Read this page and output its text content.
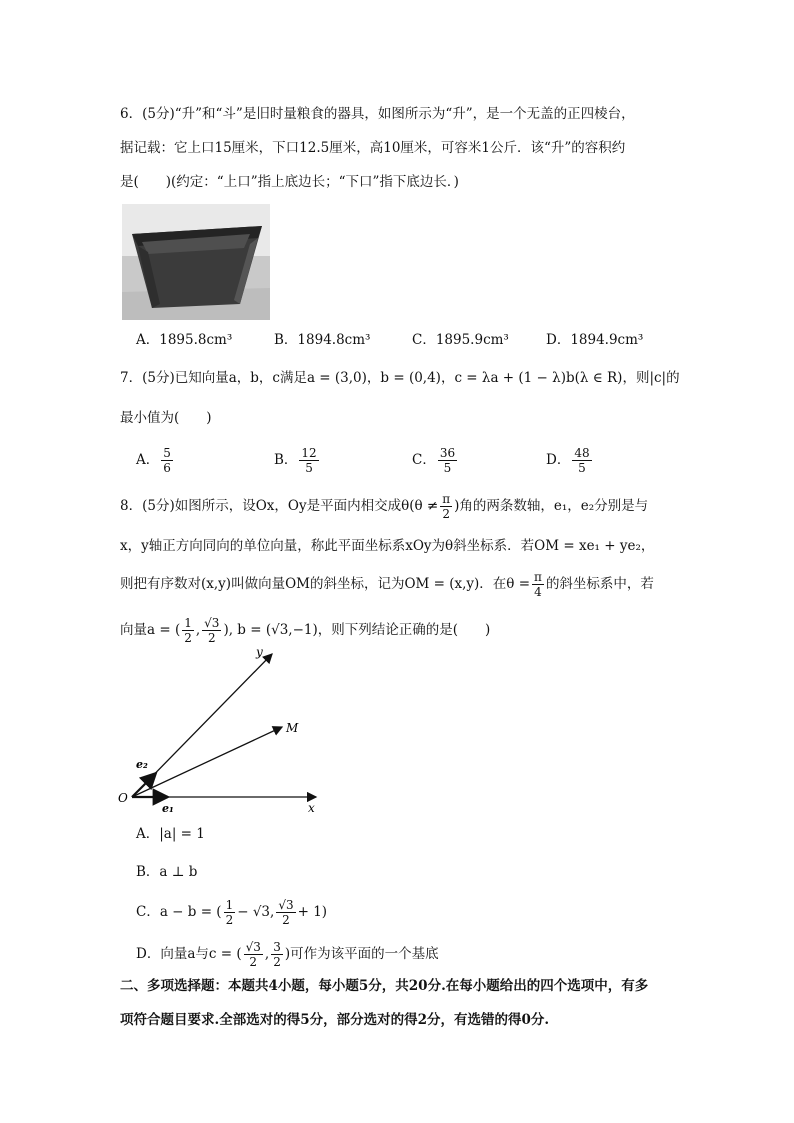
6．(5分)“升”和“斗”是旧时量粮食的器具，如图所示为“升”，是一个无盖的正四棱台，
据记载：它上口15厘米，下口12.5厘米，高10厘米，可容米1公斤．该“升”的容积约
是(　　)(约定：“上口”指上底边长；“下口”指下底边长．)
A．1895.8cm³	B．1894.8cm³	C．1895.9cm³	D．1894.9cm³
7．(5分)已知向量a，b，c满足a = (3,0)，b = (0,4)，c = λa + (1 − λ)b(λ ∈ R)，则|c|的
最小值为(　　)
A． $\frac{5}{6}$	B． $\frac{12}{5}$	C． $\frac{36}{5}$	D． $\frac{48}{5}$
8．(5分)如图所示，设Ox，Oy是平面内相交成$\theta(\theta \ne \frac{\pi}{2}$ )角的两条数轴，e₁，e₂分别是与
x，y轴正方向同向的单位向量，称此平面坐标系xOy为θ斜坐标系．若OM = xe₁ + ye₂，
则把有序数对(x,y)叫做向量OM的斜坐标，记为OM = (x,y)．在$\theta = \frac{\pi}{4}$ 的斜坐标系中，若
向量a = ( $\frac{1}{2}$ , $\frac{√3}{2}$ ), b = (√3,−1)，则下列结论正确的是(　　)
y
M
e₂
O
e₁	x
A．|a| = 1
B．a ⊥ b
C．a − b = ( $\frac{1}{2} - √3$, $\frac{√3}{2} + 1$)
D．向量a与c = ( $\frac{√3}{2}$ , $\frac{3}{2}$ )可作为该平面的一个基底
二、多项选择题：本题共4小题，每小题5分，共20分.在每小题给出的四个选项中，有多
项符合题目要求.全部选对的得5分，部分选对的得2分，有选错的得0分.
